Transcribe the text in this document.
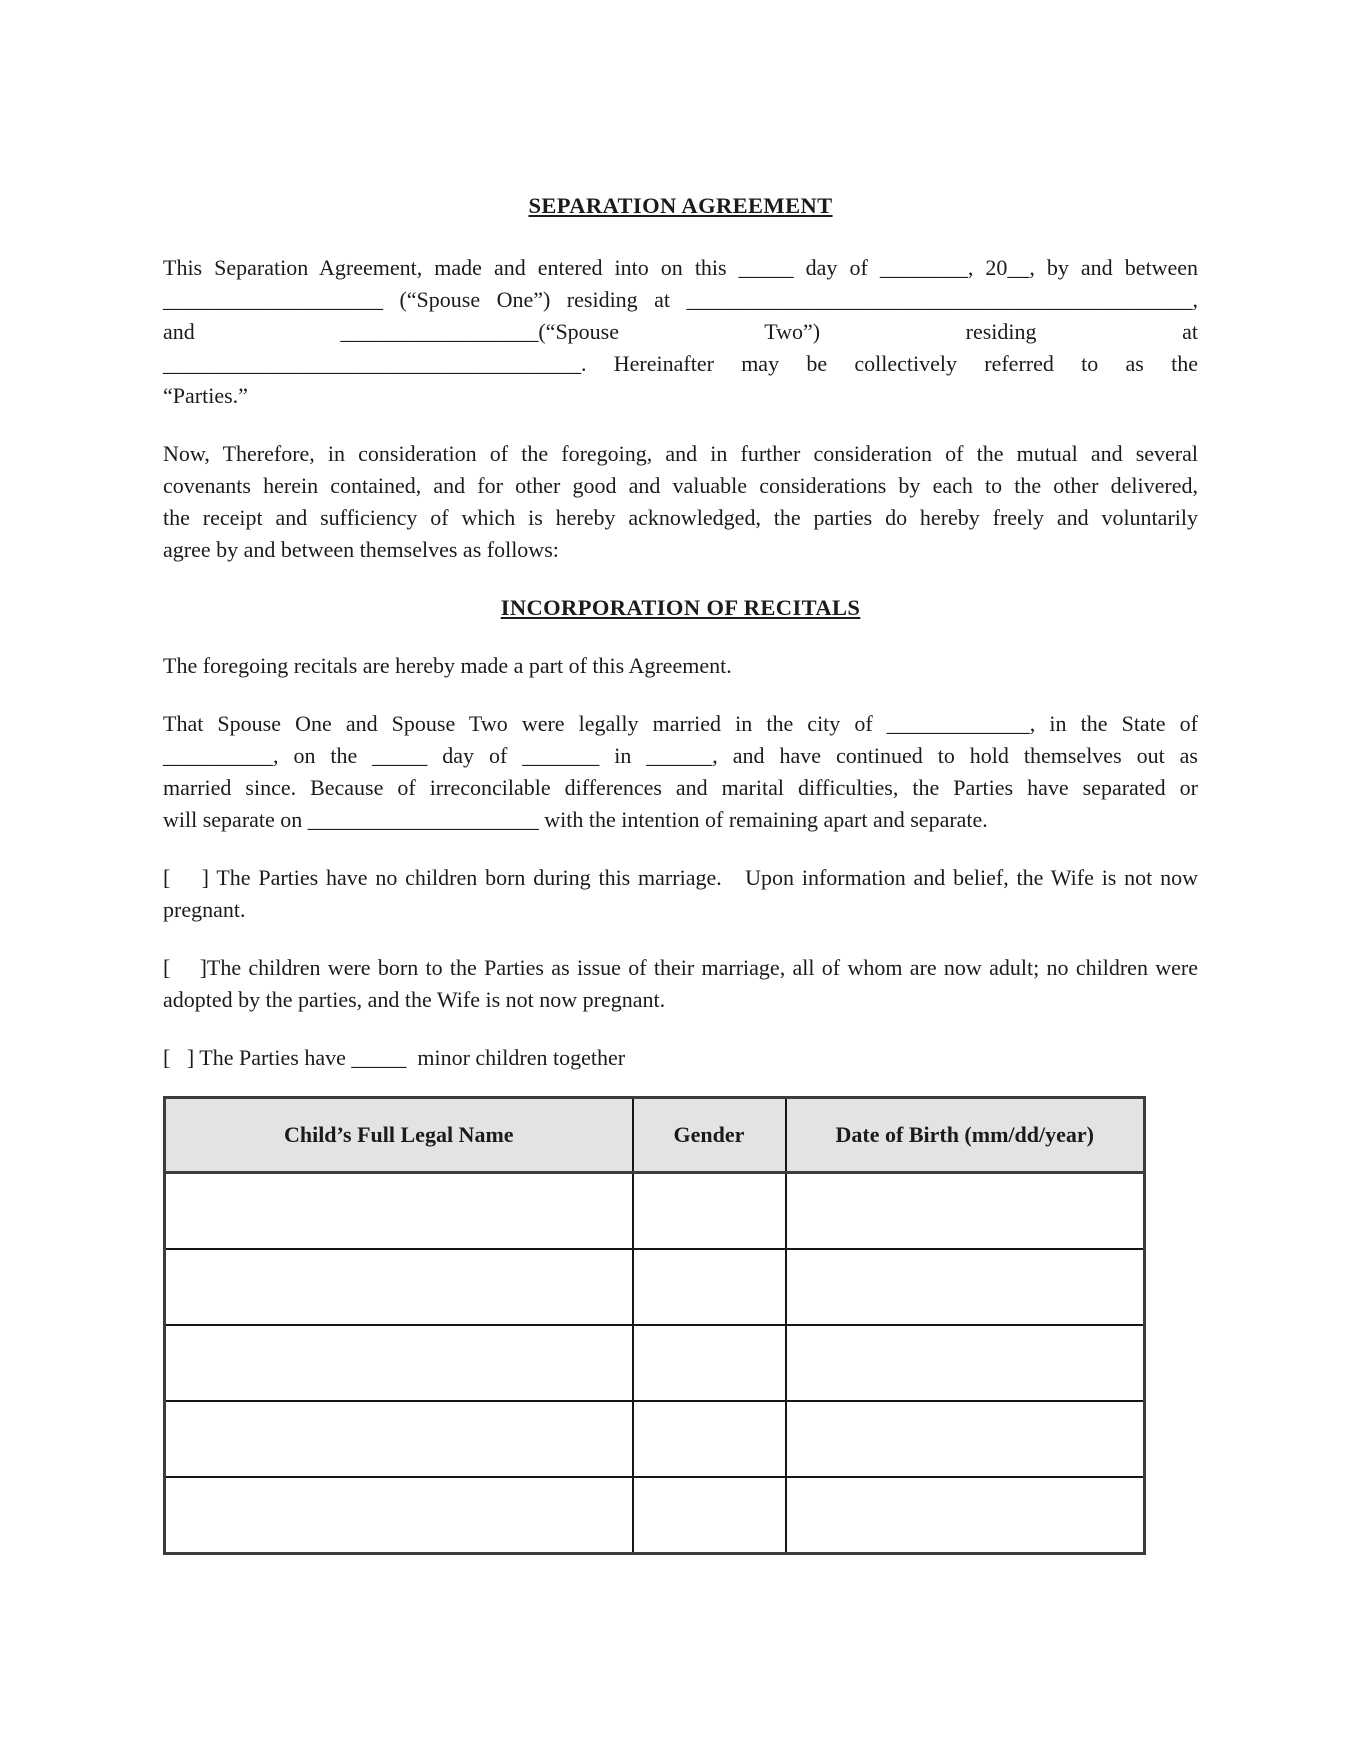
SEPARATION AGREEMENT
This Separation Agreement, made and entered into on this _____ day of ________, 20__, by and between
____________________ (“Spouse One”) residing at ______________________________________________,
and __________________(“Spouse Two”) residing at
______________________________________. Hereinafter may be collectively referred to as the
“Parties.”
Now, Therefore, in consideration of the foregoing, and in further consideration of the mutual and several
covenants herein contained, and for other good and valuable considerations by each to the other delivered,
the receipt and sufficiency of which is hereby acknowledged, the parties do hereby freely and voluntarily
agree by and between themselves as follows:
INCORPORATION OF RECITALS
The foregoing recitals are hereby made a part of this Agreement.
That Spouse One and Spouse Two were legally married in the city of _____________, in the State of
__________, on the _____ day of _______ in ______, and have continued to hold themselves out as
married since. Because of irreconcilable differences and marital difficulties, the Parties have separated or
will separate on _____________________ with the intention of remaining apart and separate.
[    ] The Parties have no children born during this marriage.   Upon information and belief, the Wife is not now
pregnant.
[    ]The children were born to the Parties as issue of their marriage, all of whom are now adult; no children were
adopted by the parties, and the Wife is not now pregnant.
[   ] The Parties have _____  minor children together
Child’s Full Legal Name	Gender	Date of Birth (mm/dd/year)
